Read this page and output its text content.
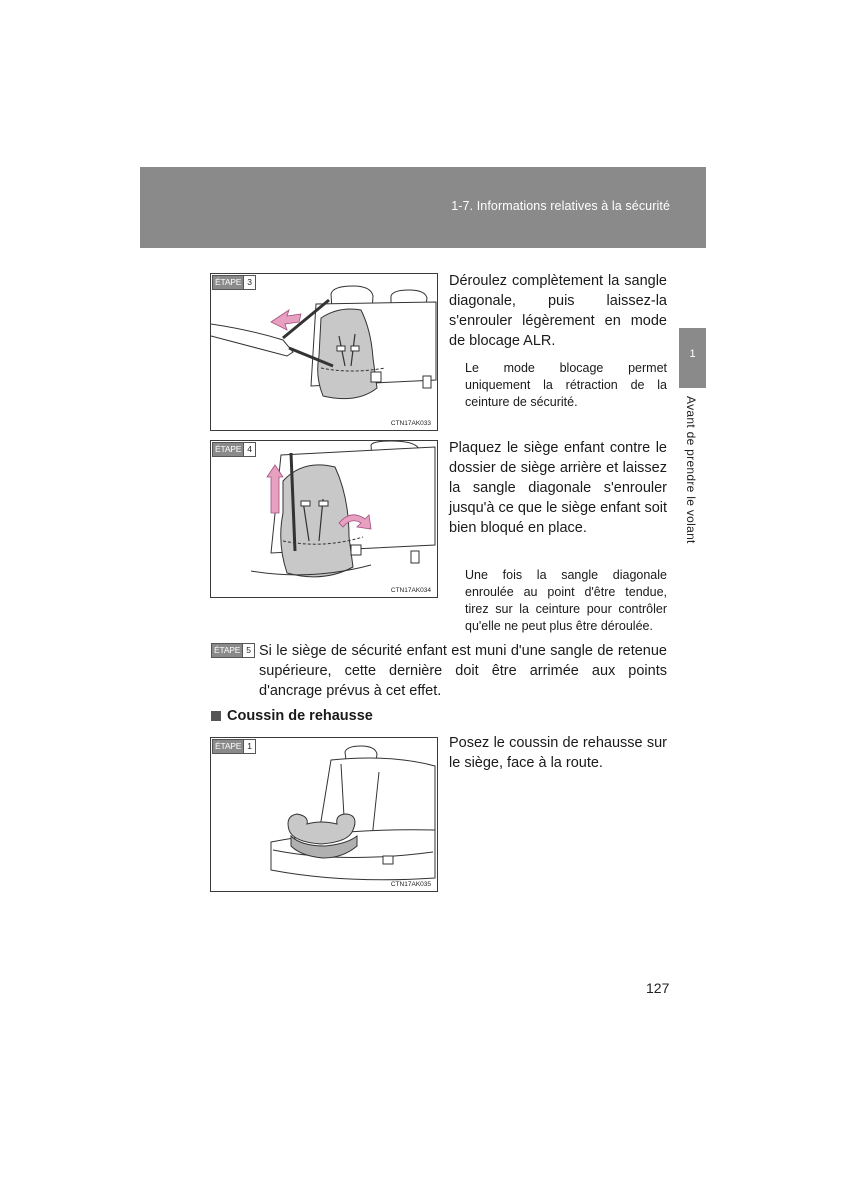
1-7. Informations relatives à la sécurité
1
Avant de prendre le volant
ÉTAPE 3
CTN17AK033
Déroulez complètement la sangle diagonale, puis laissez-la s'enrouler légèrement en mode de blocage ALR.
Le mode blocage permet uniquement la rétraction de la ceinture de sécurité.
ÉTAPE 4
CTN17AK034
Plaquez le siège enfant contre le dossier de siège arrière et laissez la sangle diagonale s'enrouler jusqu'à ce que le siège enfant soit bien bloqué en place.
Une fois la sangle diagonale enroulée au point d'être tendue, tirez sur la ceinture pour contrôler qu'elle ne peut plus être déroulée.
ÉTAPE 5 Si le siège de sécurité enfant est muni d'une sangle de retenue supérieure, cette dernière doit être arrimée aux points d'ancrage prévus à cet effet.
Coussin de rehausse
ÉTAPE 1
CTN17AK035
Posez le coussin de rehausse sur le siège, face à la route.
127
